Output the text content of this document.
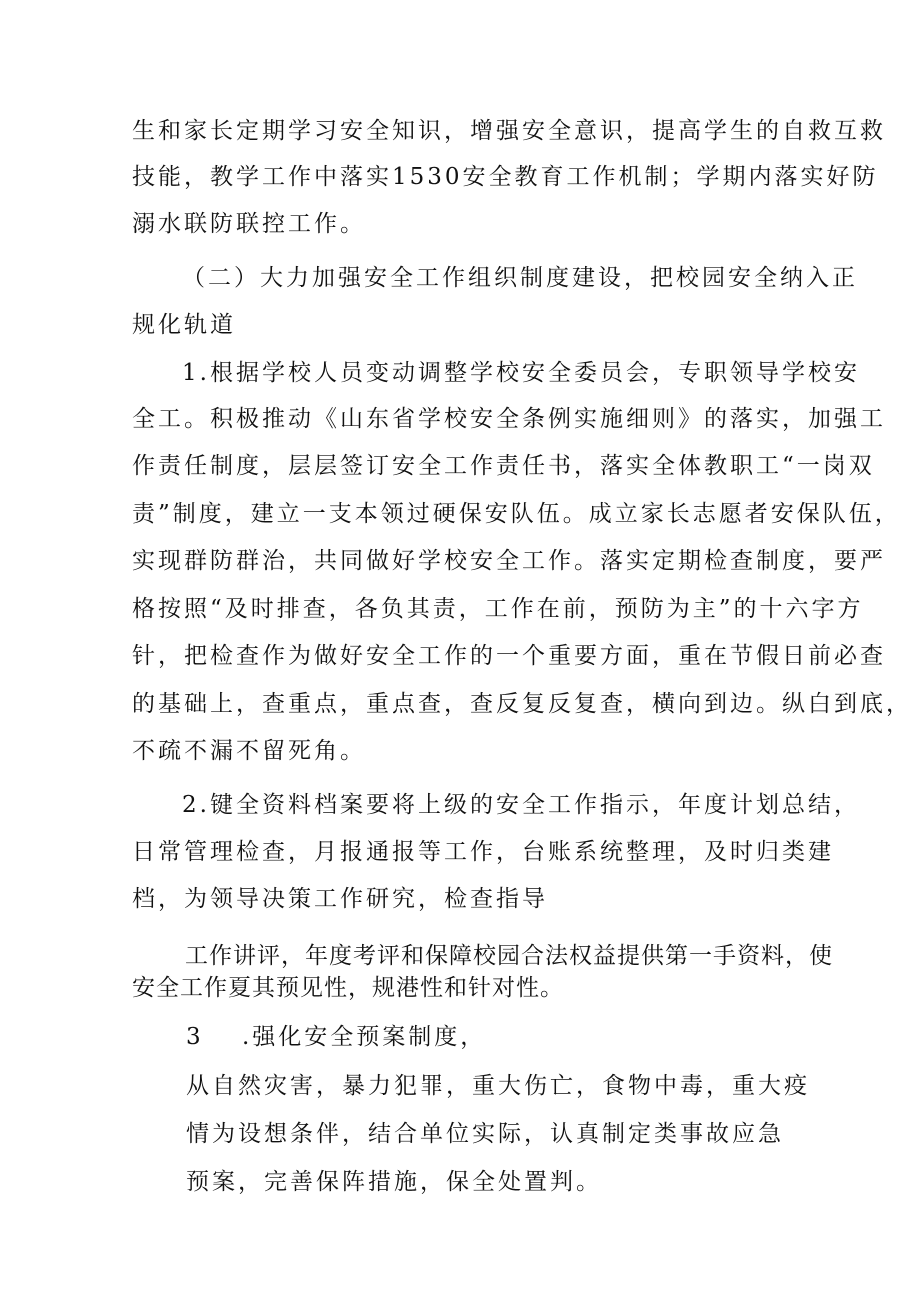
生和家长定期学习安全知识，增强安全意识，提高学生的自救互救
技能，教学工作中落实1530安全教育工作机制；学期内落实好防
溺水联防联控工作。
（二）大力加强安全工作组织制度建设，把校园安全纳入正
规化轨道
1.根据学校人员变动调整学校安全委员会，专职领导学校安
全工。积极推动《山东省学校安全条例实施细则》的落实，加强工
作责任制度，层层签订安全工作责任书，落实全体教职工“一岗双
责”制度，建立一支本领过硬保安队伍。成立家长志愿者安保队伍，
实现群防群治，共同做好学校安全工作。落实定期检查制度，要严
格按照“及时排查，各负其责，工作在前，预防为主”的十六字方
针，把检查作为做好安全工作的一个重要方面，重在节假日前必查
的基础上，查重点，重点查，查反复反复查，横向到边。纵白到底，
不疏不漏不留死角。
2.键全资料档案要将上级的安全工作指示，年度计划总结，
日常管理检查，月报通报等工作，台账系统整理，及时归类建
档，为领导决策工作研究，检查指导
工作讲评，年度考评和保障校园合法权益提供第一手资料，使
安全工作夏其预见性，规港性和针对性。
3 .强化安全预案制度，
从自然灾害，暴力犯罪，重大伤亡，食物中毒，重大疫
情为设想条伴，结合单位实际，认真制定类事故应急
预案，完善保阵措施，保全处置判。
